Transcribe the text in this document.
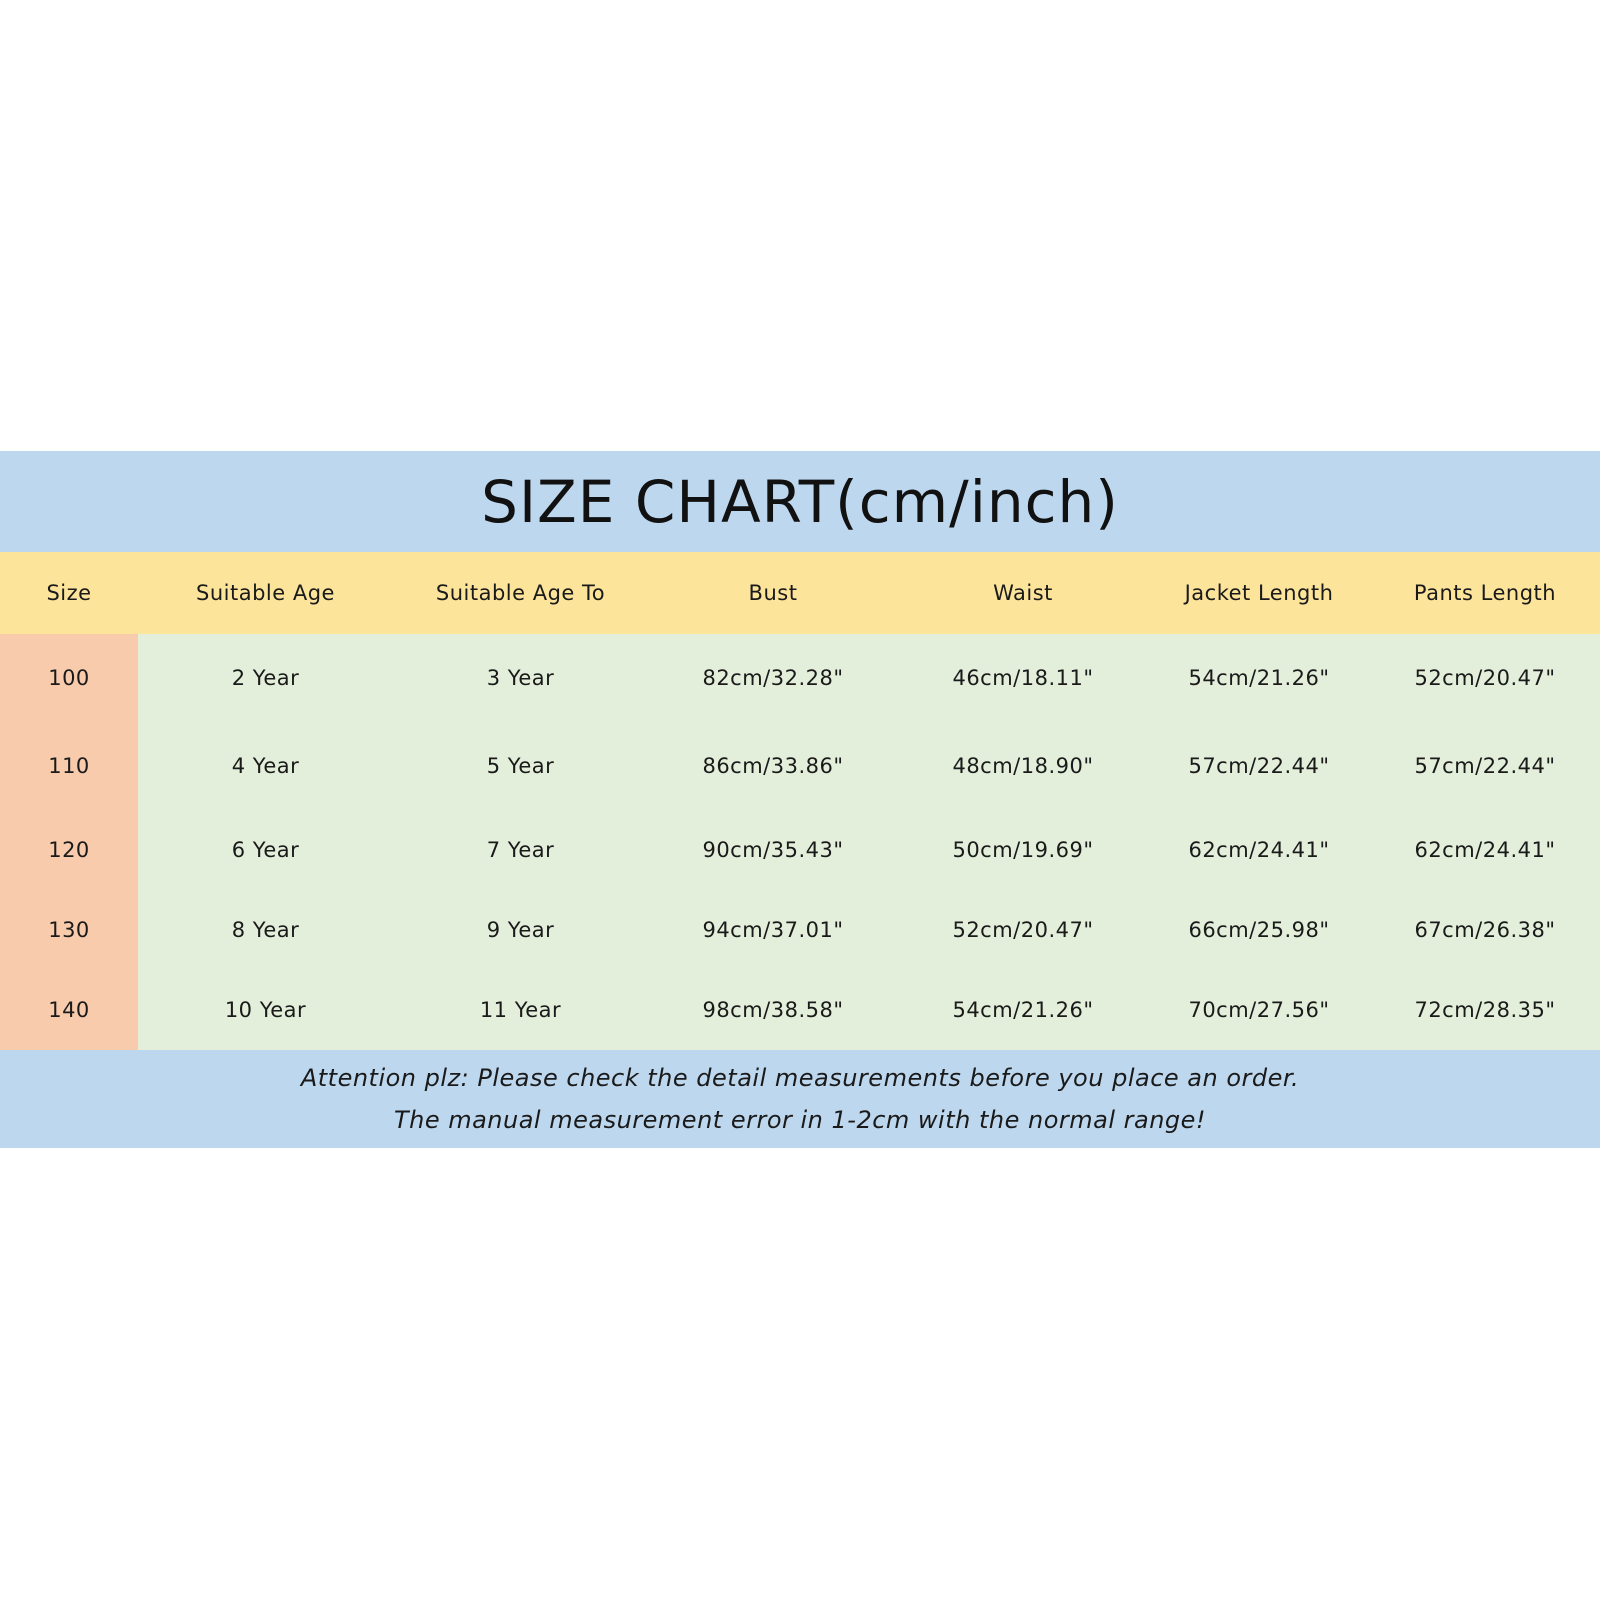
SIZE CHART(cm/inch)
Size	Suitable Age	Suitable Age To	Bust	Waist	Jacket Length	Pants Length
100	2 Year	3 Year	82cm/32.28"	46cm/18.11"	54cm/21.26"	52cm/20.47"
110	4 Year	5 Year	86cm/33.86"	48cm/18.90"	57cm/22.44"	57cm/22.44"
120	6 Year	7 Year	90cm/35.43"	50cm/19.69"	62cm/24.41"	62cm/24.41"
130	8 Year	9 Year	94cm/37.01"	52cm/20.47"	66cm/25.98"	67cm/26.38"
140	10 Year	11 Year	98cm/38.58"	54cm/21.26"	70cm/27.56"	72cm/28.35"
Attention plz: Please check the detail measurements before you place an order.
The manual measurement error in 1-2cm with the normal range!
